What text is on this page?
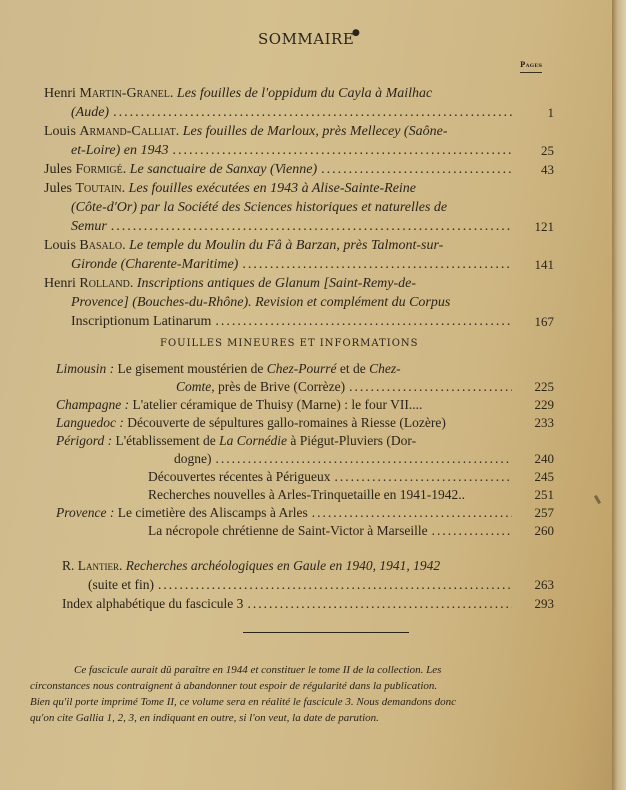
SOMMAIRE
●
Pages
Henri Martin-Granel. Les fouilles de l'oppidum du Cayla à Mailhac
(Aude) .....	1
Louis Armand-Calliat. Les fouilles de Marloux, près Mellecey (Saône-
et-Loire) en 1943 .....	25
Jules Formigé. Le sanctuaire de Sanxay (Vienne) .....	43
Jules Toutain. Les fouilles exécutées en 1943 à Alise-Sainte-Reine
(Côte-d'Or) par la Société des Sciences historiques et naturelles de
Semur .....	121
Louis Basalo. Le temple du Moulin du Fâ à Barzan, près Talmont-sur-
Gironde (Charente-Maritime) .....	141
Henri Rolland. Inscriptions antiques de Glanum [Saint-Remy-de-
Provence] (Bouches-du-Rhône). Revision et complément du Corpus
Inscriptionum Latinarum .....	167
FOUILLES MINEURES ET INFORMATIONS
Limousin : Le gisement moustérien de Chez-Pourré et de Chez-
Comte, près de Brive (Corrèze) .....	225
Champagne : L'atelier céramique de Thuisy (Marne) : le four VII....	229
Languedoc : Découverte de sépultures gallo-romaines à Riesse (Lozère)	233
Périgord : L'établissement de La Cornédie à Piégut-Pluviers (Dor-
dogne) .....	240
Découvertes récentes à Périgueux .....	245
Recherches nouvelles à Arles-Trinquetaille en 1941-1942..	251
Provence : Le cimetière des Aliscamps à Arles .....	257
La nécropole chrétienne de Saint-Victor à Marseille .....	260
R. Lantier. Recherches archéologiques en Gaule en 1940, 1941, 1942
(suite et fin) .....	263
Index alphabétique du fascicule 3 .....	293
Ce fascicule aurait dû paraître en 1944 et constituer le tome II de la collection. Les
circonstances nous contraignent à abandonner tout espoir de régularité dans la publication.
Bien qu'il porte imprimé Tome II, ce volume sera en réalité le fascicule 3. Nous demandons donc
qu'on cite Gallia 1, 2, 3, en indiquant en outre, si l'on veut, la date de parution.
